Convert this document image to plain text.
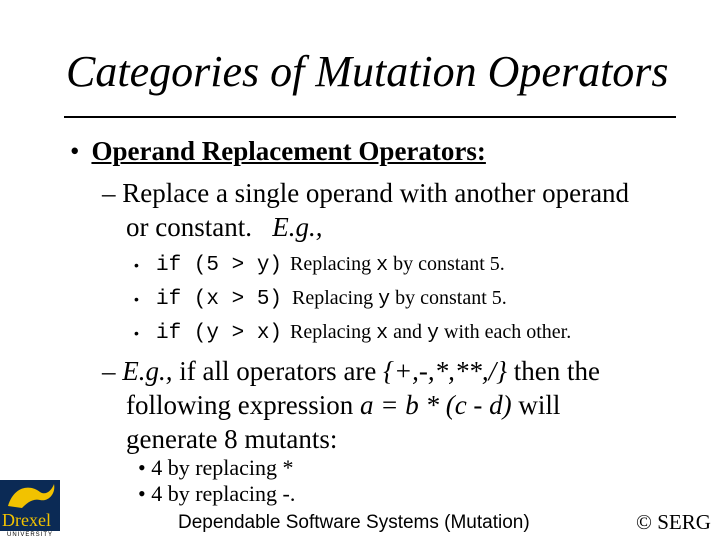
Categories of Mutation Operators
• Operand Replacement Operators:
– Replace a single operand with another operand
or constant. E.g.,
• if (5 > y) Replacing x by constant 5.
• if (x > 5) Replacing y by constant 5.
• if (y > x) Replacing x and y with each other.
– E.g., if all operators are {+,-,*,**,/} then the
following expression a = b * (c - d) will
generate 8 mutants:
• 4 by replacing *
• 4 by replacing -.
Drexel
UNIVERSITY
Dependable Software Systems (Mutation)	© SERG
